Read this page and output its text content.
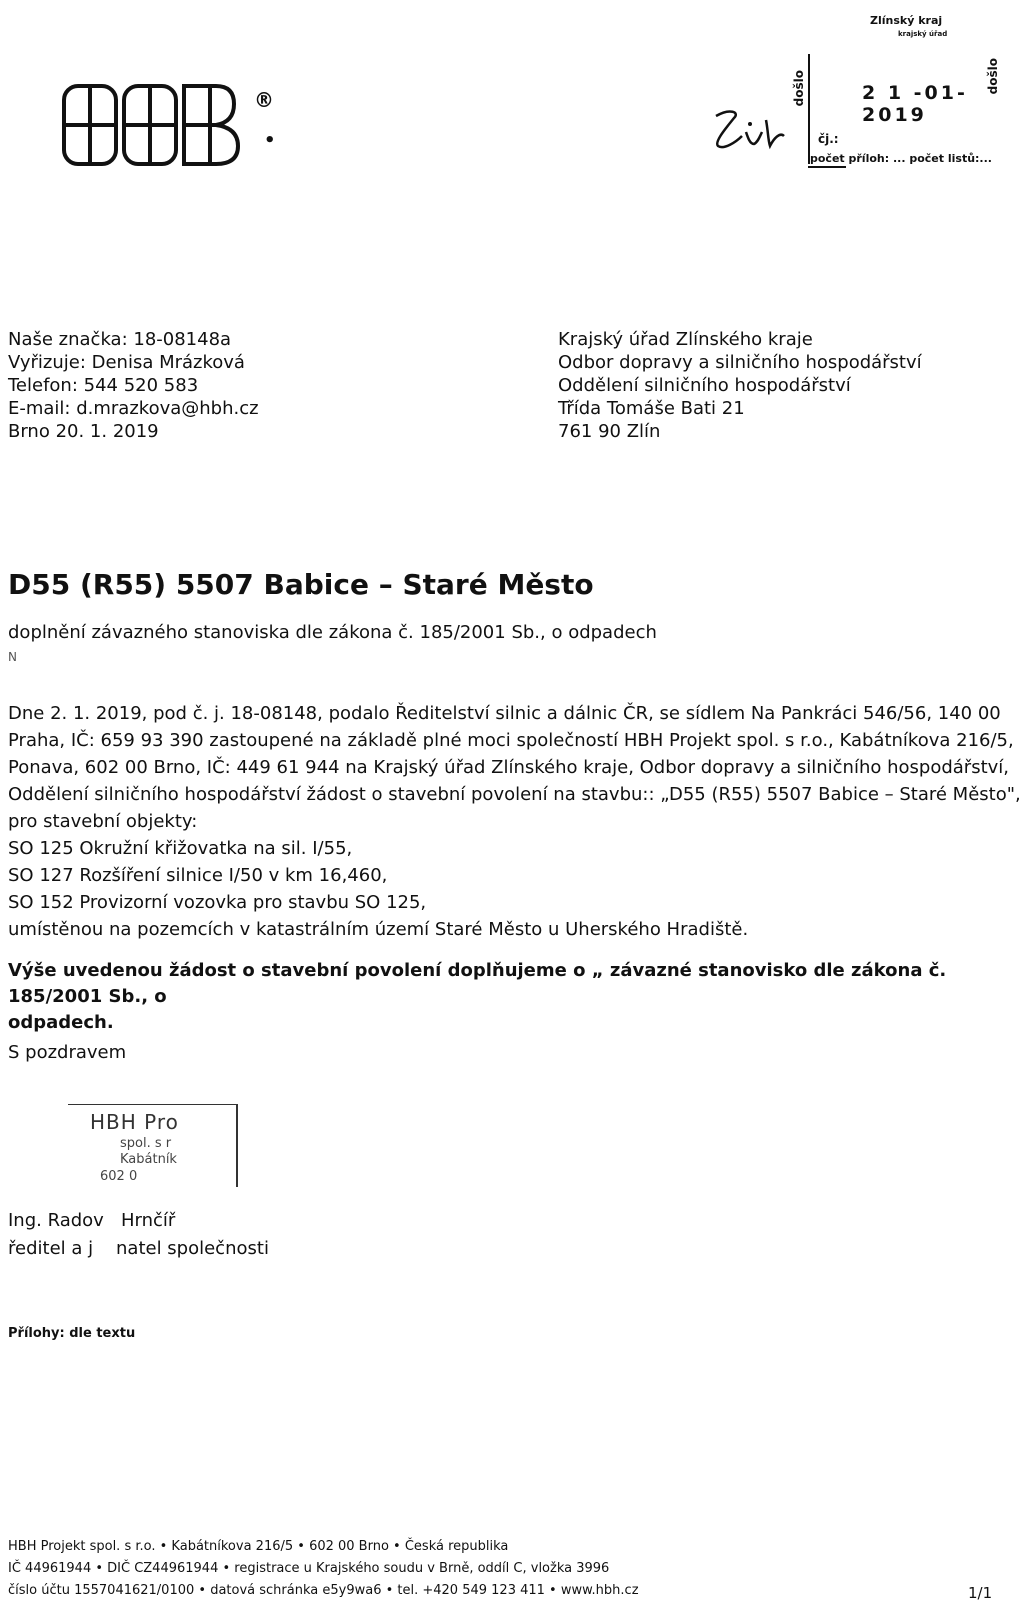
®
•
Zlínský kraj
krajský úřad
došlo	došlo
2 1 -01- 2019
čj.:
počet příloh: ... počet listů:...
Naše značka: 18-08148a
Vyřizuje: Denisa Mrázková
Telefon: 544 520 583
E-mail: d.mrazkova@hbh.cz
Brno 20. 1. 2019
Krajský úřad Zlínského kraje
Odbor dopravy a silničního hospodářství
Oddělení silničního hospodářství
Třída Tomáše Bati 21
761 90 Zlín
D55 (R55) 5507 Babice – Staré Město
doplnění závazného stanoviska dle zákona č. 185/2001 Sb., o odpadech
N
Dne 2. 1. 2019, pod č. j. 18-08148, podalo Ředitelství silnic a dálnic ČR, se sídlem Na Pankráci 546/56, 140 00
Praha, IČ: 659 93 390 zastoupené na základě plné moci společností HBH Projekt spol. s r.o., Kabátníkova 216/5,
Ponava, 602 00 Brno, IČ: 449 61 944 na Krajský úřad Zlínského kraje, Odbor dopravy a silničního hospodářství,
Oddělení silničního hospodářství žádost o stavební povolení na stavbu:: „D55 (R55) 5507 Babice – Staré Město",
pro stavební objekty:
SO 125 Okružní křižovatka na sil. I/55,
SO 127 Rozšíření silnice I/50 v km 16,460,
SO 152 Provizorní vozovka pro stavbu SO 125,
umístěnou na pozemcích v katastrálním území Staré Město u Uherského Hradiště.
Výše uvedenou žádost o stavební povolení doplňujeme o „ závazné stanovisko dle zákona č. 185/2001 Sb., o
odpadech.
S pozdravem
HBH Pro
spol. s r
Kabátník
602 0
Ing. Radov   Hrnčíř
ředitel a j    natel společnosti
Přílohy: dle textu
HBH Projekt spol. s r.o. • Kabátníkova 216/5 • 602 00 Brno • Česká republika
IČ 44961944 • DIČ CZ44961944 • registrace u Krajského soudu v Brně, oddíl C, vložka 3996
číslo účtu 1557041621/0100 • datová schránka e5y9wa6 • tel. +420 549 123 411 • www.hbh.cz	1/1
